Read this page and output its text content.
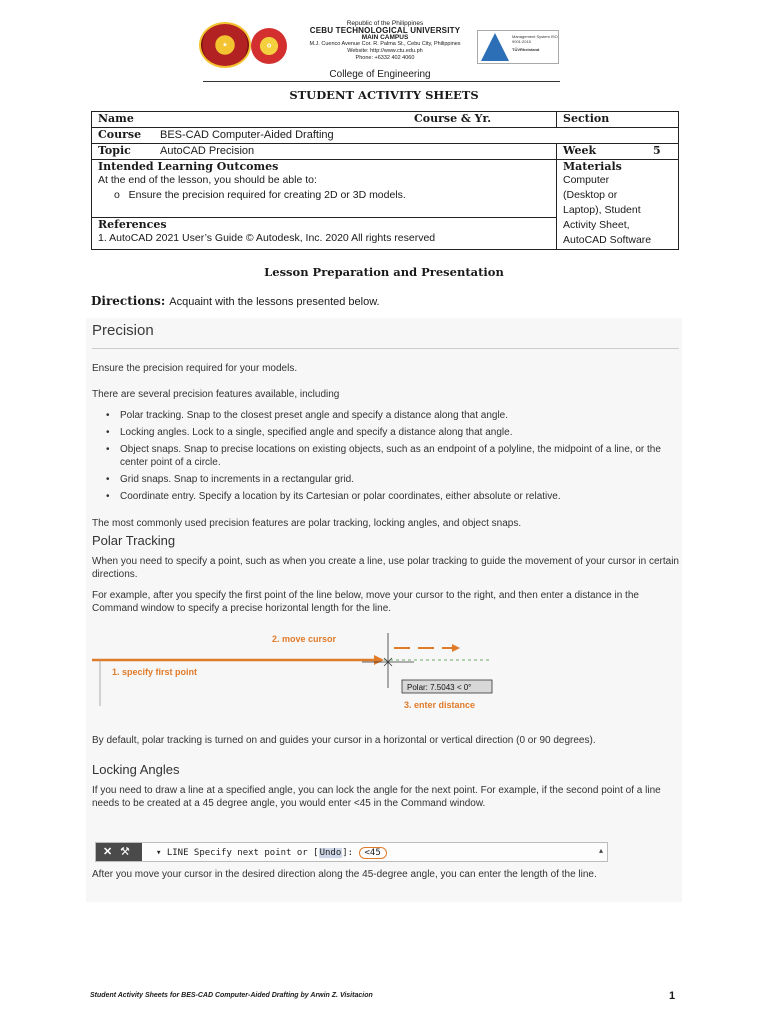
★	✿
Republic of the Philippines
CEBU TECHNOLOGICAL UNIVERSITY
MAIN CAMPUS
M.J. Cuenco Avenue Cor. R. Palma St., Cebu City, Philippines
Website: http://www.ctu.edu.ph
Phone: +6332 402 4060
Management System ISO 9001:2015
TÜVRheinland
College of Engineering
STUDENT ACTIVITY SHEETS
Name	Course & Yr.	Section
Course BES-CAD Computer-Aided Drafting
Topic	AutoCAD Precision	Week	5
Intended Learning Outcomes
At the end of the lesson, you should be able to:
o Ensure the precision required for creating 2D or 3D models.
References
1. AutoCAD 2021 User’s Guide © Autodesk, Inc. 2020 All rights reserved
Materials
Computer
(Desktop or
Laptop), Student
Activity Sheet,
AutoCAD Software
Lesson Preparation and Presentation
Directions: Acquaint with the lessons presented below.
Precision
Ensure the precision required for your models.
There are several precision features available, including
• Polar tracking. Snap to the closest preset angle and specify a distance along that angle.
• Locking angles. Lock to a single, specified angle and specify a distance along that angle.
• Object snaps. Snap to precise locations on existing objects, such as an endpoint of a polyline, the midpoint of a line, or the center point of a circle.
• Grid snaps. Snap to increments in a rectangular grid.
• Coordinate entry. Specify a location by its Cartesian or polar coordinates, either absolute or relative.
The most commonly used precision features are polar tracking, locking angles, and object snaps.
Polar Tracking
When you need to specify a point, such as when you create a line, use polar tracking to guide the movement of your cursor in certain directions.
For example, after you specify the first point of the line below, move your cursor to the right, and then enter a distance in the Command window to specify a precise horizontal length for the line.
2. move cursor
1. specify first point
Polar: 7.5043 < 0°
3. enter distance
By default, polar tracking is turned on and guides your cursor in a horizontal or vertical direction (0 or 90 degrees).
Locking Angles
If you need to draw a line at a specified angle, you can lock the angle for the next point. For example, if the second point of a line needs to be created at a 45 degree angle, you would enter <45 in the Command window.
✕ ⚒	▾ LINE Specify next point or [Undo]: <45	▴
After you move your cursor in the desired direction along the 45-degree angle, you can enter the length of the line.
Student Activity Sheets for BES-CAD Computer-Aided Drafting by Arwin Z. Visitacion	1
